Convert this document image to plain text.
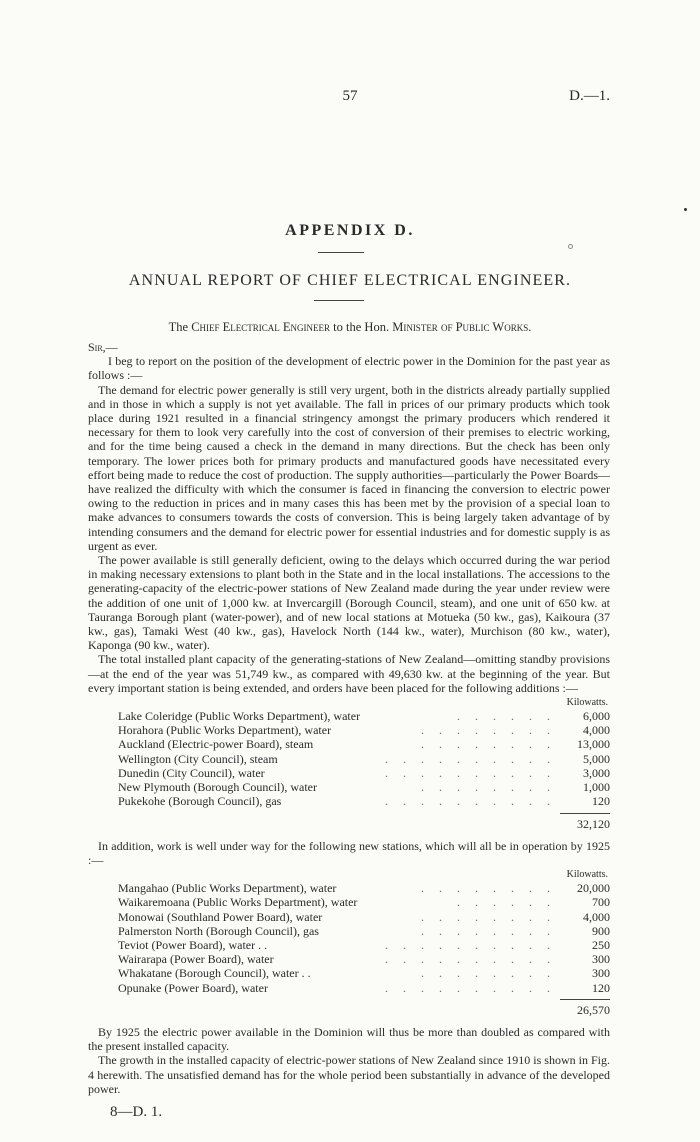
57	D.—1.
APPENDIX D.
ANNUAL REPORT OF CHIEF ELECTRICAL ENGINEER.
The Chief Electrical Engineer to the Hon. Minister of Public Works.

Sir,—

I beg to report on the position of the development of electric power in the Dominion for the past year as follows :—

The demand for electric power generally is still very urgent, both in the districts already partially supplied and in those in which a supply is not yet available. The fall in prices of our primary products which took place during 1921 resulted in a financial stringency amongst the primary producers which rendered it necessary for them to look very carefully into the cost of conversion of their premises to electric working, and for the time being caused a check in the demand in many directions. But the check has been only temporary. The lower prices both for primary products and manufactured goods have necessitated every effort being made to reduce the cost of production. The supply authorities—particularly the Power Boards—have realized the difficulty with which the consumer is faced in financing the conversion to electric power owing to the reduction in prices and in many cases this has been met by the provision of a special loan to make advances to consumers towards the costs of conversion. This is being largely taken advantage of by intending consumers and the demand for electric power for essential industries and for domestic supply is as urgent as ever.

The power available is still generally deficient, owing to the delays which occurred during the war period in making necessary extensions to plant both in the State and in the local installations. The accessions to the generating-capacity of the electric-power stations of New Zealand made during the year under review were the addition of one unit of 1,000 kw. at Invercargill (Borough Council, steam), and one unit of 650 kw. at Tauranga Borough plant (water-power), and of new local stations at Motueka (50 kw., gas), Kaikoura (37 kw., gas), Tamaki West (40 kw., gas), Havelock North (144 kw., water), Murchison (80 kw., water), Kaponga (90 kw., water).

The total installed plant capacity of the generating-stations of New Zealand—omitting standby provisions—at the end of the year was 51,749 kw., as compared with 49,630 kw. at the beginning of the year. But every important station is being extended, and orders have been placed for the following additions :—

Kilowatts.
Lake Coleridge (Public Works Department), water	. . . . . .	6,000
Horahora (Public Works Department), water	. . . . . . . .	4,000
Auckland (Electric-power Board), steam	. . . . . . . .	13,000
Wellington (City Council), steam	. . . . . . . . . .	5,000
Dunedin (City Council), water	. . . . . . . . . .	3,000
New Plymouth (Borough Council), water	. . . . . . . .	1,000
Pukekohe (Borough Council), gas	. . . . . . . . . .	120
32,120

In addition, work is well under way for the following new stations, which will all be in operation by 1925 :—

Kilowatts.
Mangahao (Public Works Department), water	. . . . . . . .	20,000
Waikaremoana (Public Works Department), water	. . . . . .	700
Monowai (Southland Power Board), water	. . . . . . . .	4,000
Palmerston North (Borough Council), gas	. . . . . . . .	900
Teviot (Power Board), water . .	. . . . . . . . . .	250
Wairarapa (Power Board), water	. . . . . . . . . .	300
Whakatane (Borough Council), water . .	. . . . . . . .	300
Opunake (Power Board), water	. . . . . . . . . .	120
26,570

By 1925 the electric power available in the Dominion will thus be more than doubled as compared with the present installed capacity.

The growth in the installed capacity of electric-power stations of New Zealand since 1910 is shown in Fig. 4 herewith. The unsatisfied demand has for the whole period been substantially in advance of the developed power.

8—D. 1.
